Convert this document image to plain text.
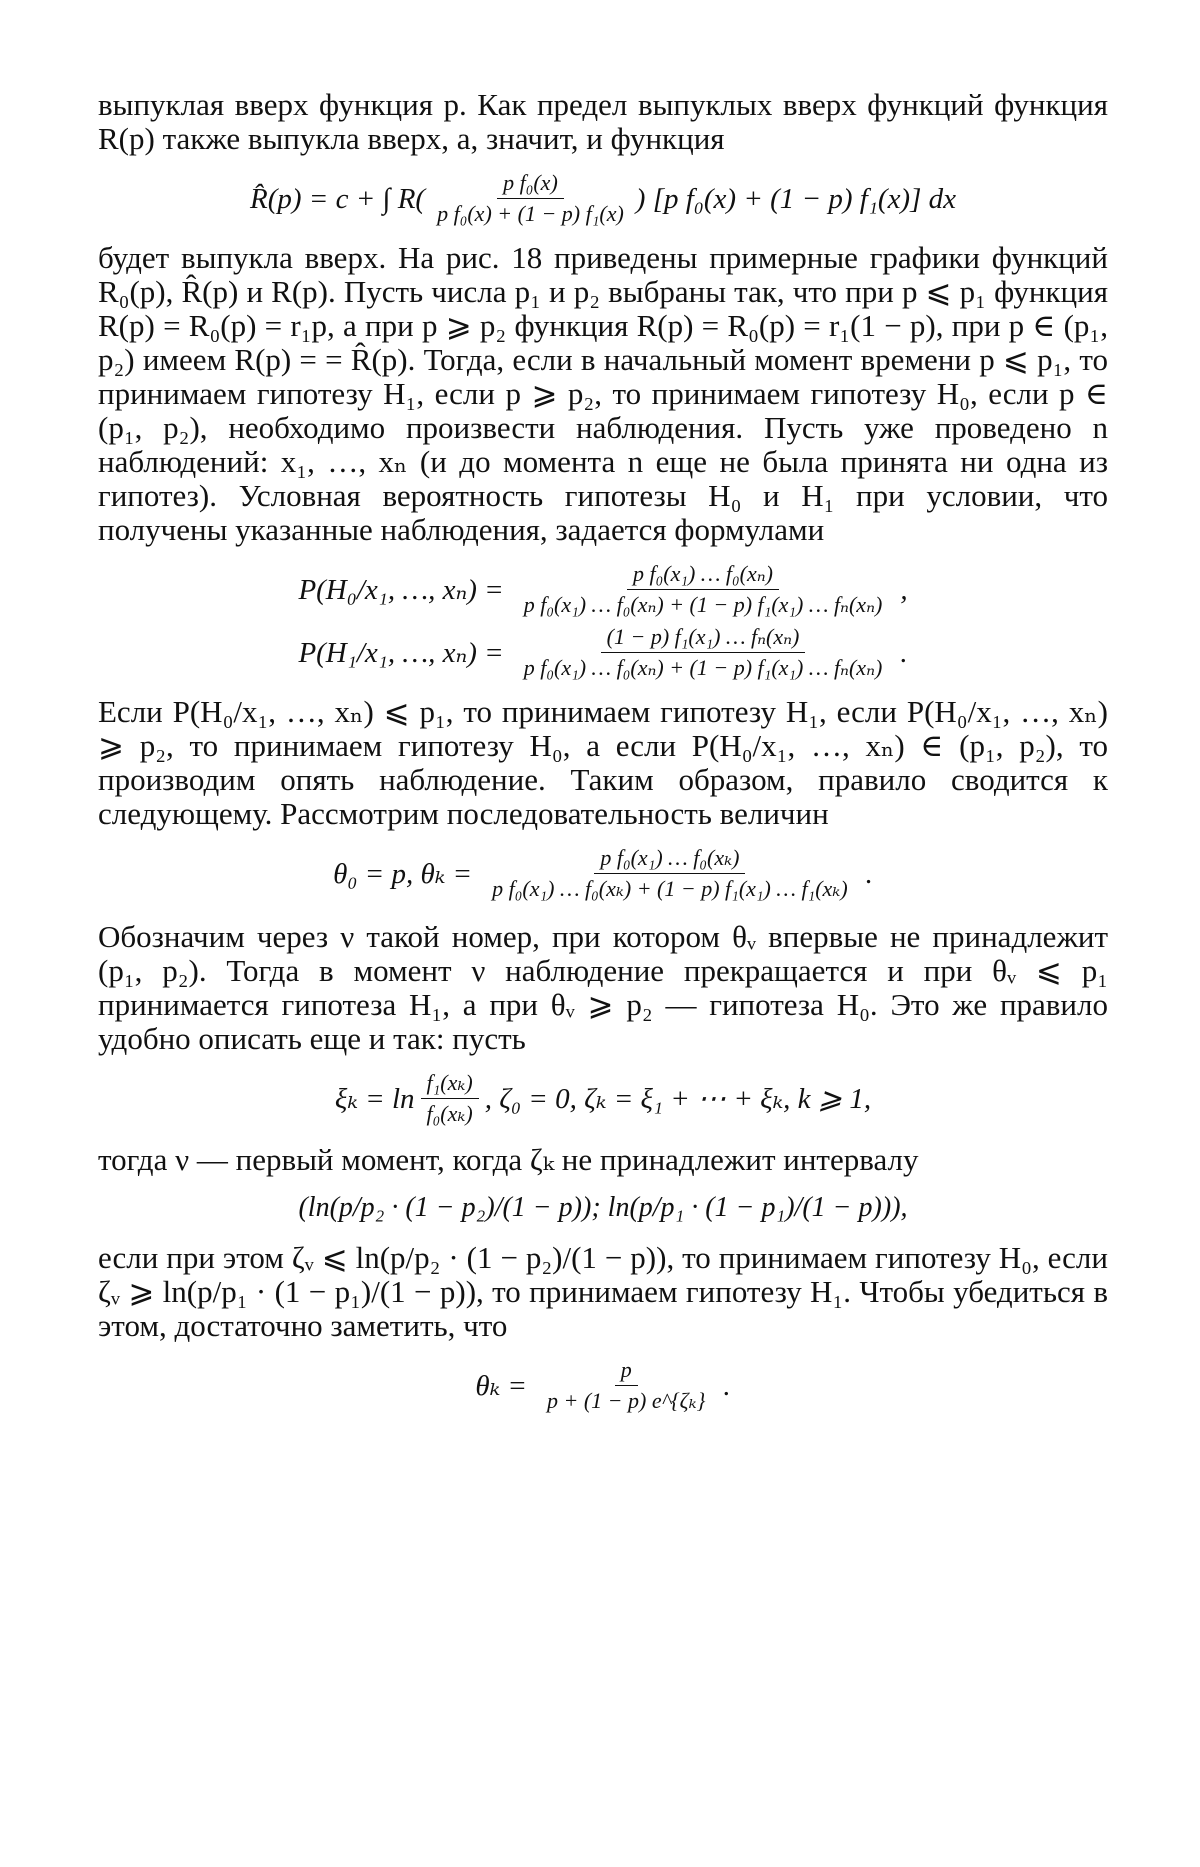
выпуклая вверх функция p. Как предел выпуклых вверх функций функция R(p) также выпукла вверх, а, значит, и функция

R̂(p) = c + ∫ $R( \frac{\text{p f₀(x)}}{\text{p f₀(x) + (1 − p) f₁(x)}}$ ) [p f₀(x) + (1 − p) f₁(x)] dx

будет выпукла вверх. На рис. 18 приведены примерные графики функций R₀(p), R̂(p) и R(p). Пусть числа p₁ и p₂ выбраны так, что при p ⩽ p₁ функция R(p) = R₀(p) = r₁p, а при p ⩾ p₂ функция R(p) = R₀(p) = r₁(1 − p), при p ∈ (p₁, p₂) имеем R(p) = = R̂(p). Тогда, если в начальный момент времени p ⩽ p₁, то принимаем гипотезу H₁, если p ⩾ p₂, то принимаем гипотезу H₀, если p ∈ (p₁, p₂), необходимо произвести наблюдения. Пусть уже проведено n наблюдений: x₁, …, xₙ (и до момента n еще не была принята ни одна из гипотез). Условная вероятность гипотезы H₀ и H₁ при условии, что получены указанные наблюдения, задается формулами

P(H₀/x₁, …, $x_n) = \frac{\text{p f₀(x₁) … f₀(xₙ)}}{\text{p f₀(x₁) … f₀(xₙ) + (1 − p) f₁(x₁) … fₙ(xₙ)}}$ ,
P(H₁/x₁, …, $x_n) = \frac{\text{(1 − p) f₁(x₁) … fₙ(xₙ)}}{\text{p f₀(x₁) … f₀(xₙ) + (1 − p) f₁(x₁) … fₙ(xₙ)}}$ .

Если P(H₀/x₁, …, xₙ) ⩽ p₁, то принимаем гипотезу H₁, если P(H₀/x₁, …, xₙ) ⩾ p₂, то принимаем гипотезу H₀, а если P(H₀/x₁, …, xₙ) ∈ (p₁, p₂), то производим опять наблюдение. Таким образом, правило сводится к следующему. Рассмотрим последовательность величин

θ₀ = p, $\theta_k = \frac{\text{p f₀(x₁) … f₀(xₖ)}}{\text{p f₀(x₁) … f₀(xₖ) + (1 − p) f₁(x₁) … f₁(xₖ)}}$ .

Обозначим через ν такой номер, при котором θᵥ впервые не принадлежит (p₁, p₂). Тогда в момент ν наблюдение прекращается и при θᵥ ⩽ p₁ принимается гипотеза H₁, а при θᵥ ⩾ p₂ — гипотеза H₀. Это же правило удобно описать еще и так: пусть

$\xi_k = \ln \frac{\text{f₁(xₖ)}}{\text{f₀(xₖ)}}$ , ζ₀ = 0, ζₖ = ξ₁ + ⋯ + ξₖ, k ⩾ 1,

тогда ν — первый момент, когда ζₖ не принадлежит интервалу

(ln(p/p₂ · (1 − p₂)/(1 − p)); ln(p/p₁ · (1 − p₁)/(1 − p))),

если при этом ζᵥ ⩽ ln(p/p₂ · (1 − p₂)/(1 − p)), то принимаем гипотезу H₀, если ζᵥ ⩾ ln(p/p₁ · (1 − p₁)/(1 − p)), то принимаем гипотезу H₁. Чтобы убедиться в этом, достаточно заметить, что

$\theta_k = \frac{p}{\text{p + (1 − p) e\textasciicircum{}\{ζₖ\}}}$ .
